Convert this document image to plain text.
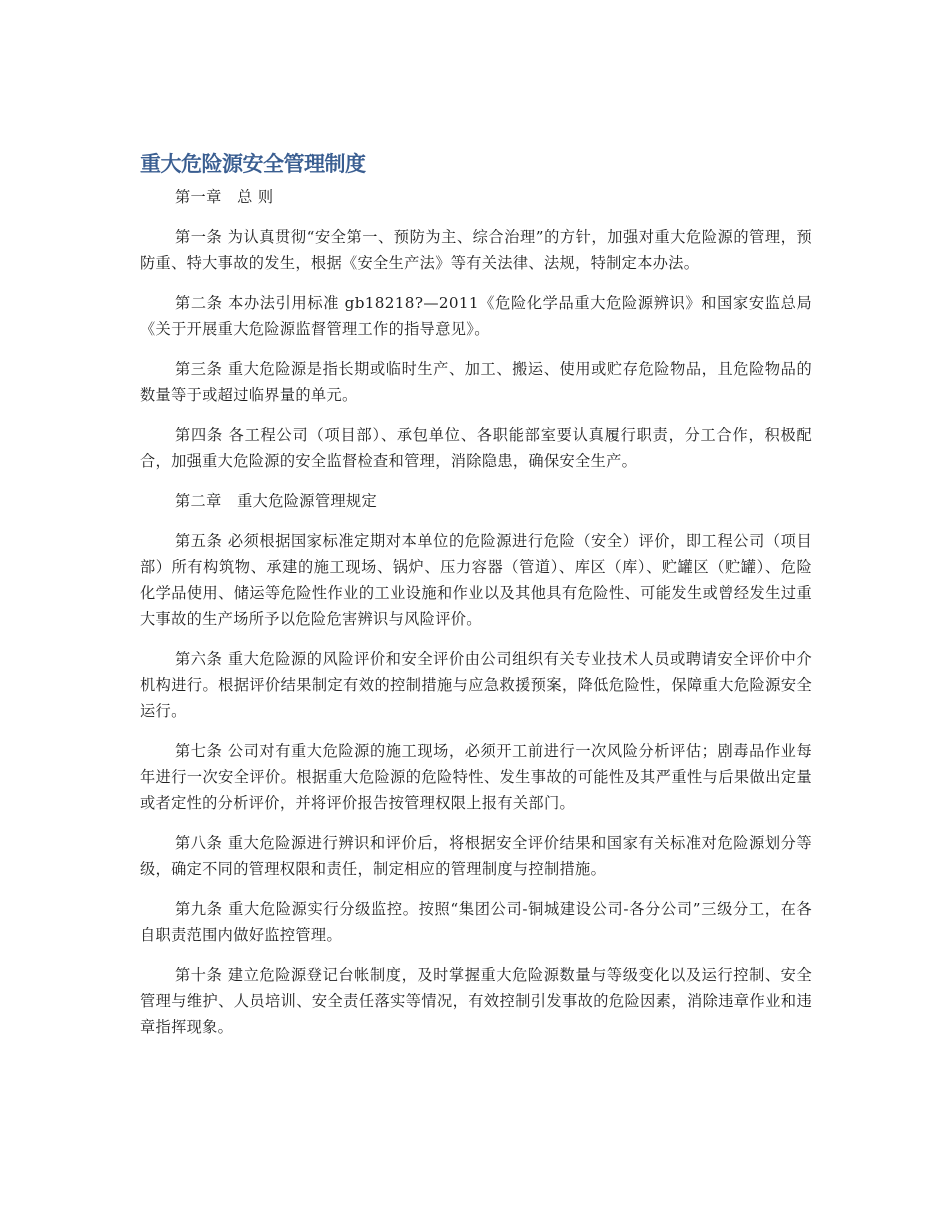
重大危险源安全管理制度

第一章　总 则

第一条 为认真贯彻“安全第一、预防为主、综合治理”的方针，加强对重大危险源的管理，预防重、特大事故的发生，根据《安全生产法》等有关法律、法规，特制定本办法。

第二条 本办法引用标准 gb18218?—2011《危险化学品重大危险源辨识》和国家安监总局《关于开展重大危险源监督管理工作的指导意见》。

第三条 重大危险源是指长期或临时生产、加工、搬运、使用或贮存危险物品，且危险物品的数量等于或超过临界量的单元。

第四条 各工程公司（项目部）、承包单位、各职能部室要认真履行职责，分工合作，积极配合，加强重大危险源的安全监督检查和管理，消除隐患，确保安全生产。

第二章　重大危险源管理规定

第五条 必须根据国家标准定期对本单位的危险源进行危险（安全）评价，即工程公司（项目部）所有构筑物、承建的施工现场、锅炉、压力容器（管道）、库区（库）、贮罐区（贮罐）、危险化学品使用、储运等危险性作业的工业设施和作业以及其他具有危险性、可能发生或曾经发生过重大事故的生产场所予以危险危害辨识与风险评价。

第六条 重大危险源的风险评价和安全评价由公司组织有关专业技术人员或聘请安全评价中介机构进行。根据评价结果制定有效的控制措施与应急救援预案，降低危险性，保障重大危险源安全运行。

第七条 公司对有重大危险源的施工现场，必须开工前进行一次风险分析评估；剧毒品作业每年进行一次安全评价。根据重大危险源的危险特性、发生事故的可能性及其严重性与后果做出定量或者定性的分析评价，并将评价报告按管理权限上报有关部门。

第八条 重大危险源进行辨识和评价后，将根据安全评价结果和国家有关标准对危险源划分等级，确定不同的管理权限和责任，制定相应的管理制度与控制措施。

第九条 重大危险源实行分级监控。按照“集团公司-铜城建设公司-各分公司”三级分工，在各自职责范围内做好监控管理。

第十条 建立危险源登记台帐制度，及时掌握重大危险源数量与等级变化以及运行控制、安全管理与维护、人员培训、安全责任落实等情况，有效控制引发事故的危险因素，消除违章作业和违章指挥现象。
